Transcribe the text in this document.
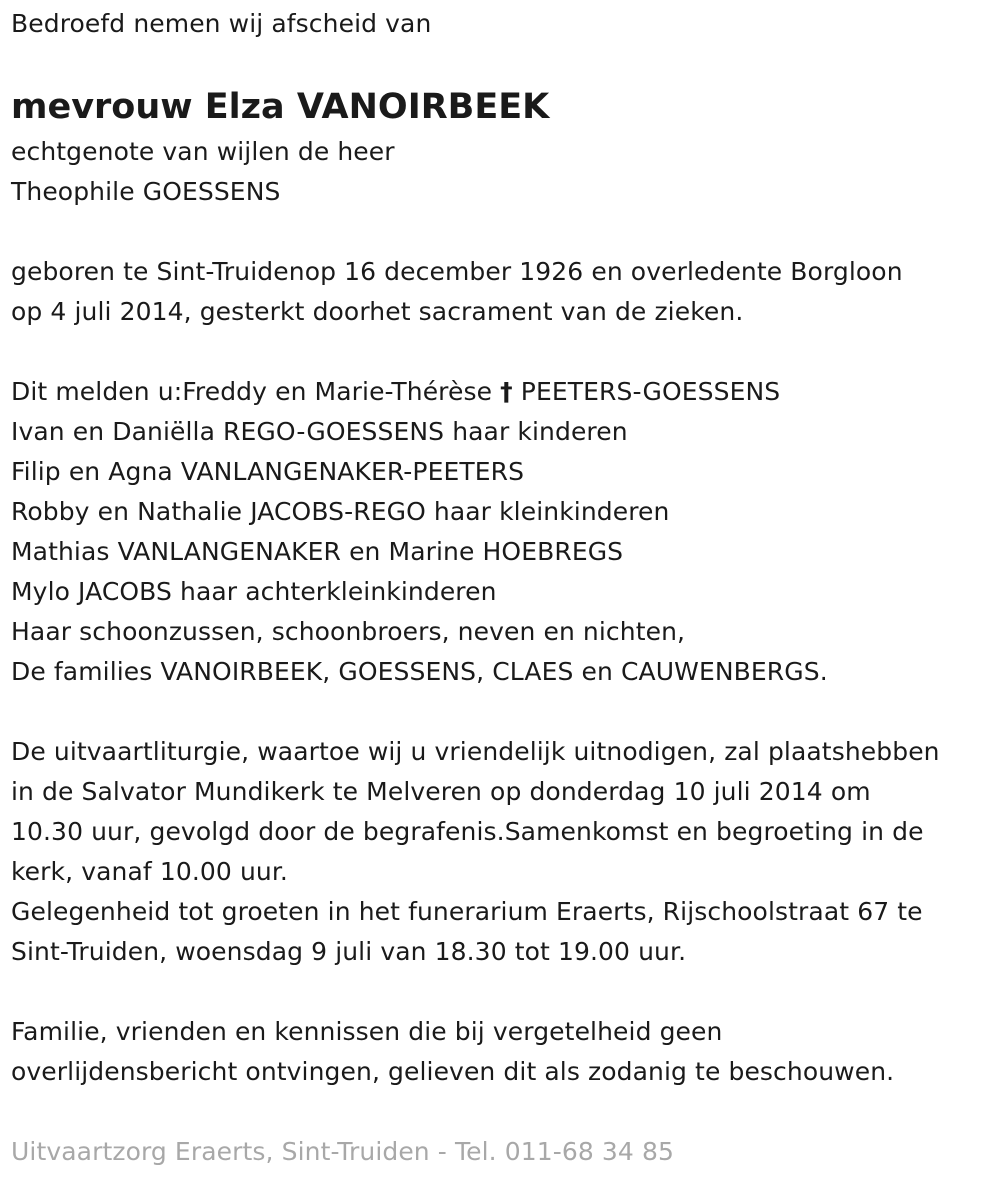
Bedroefd nemen wij afscheid van
mevrouw Elza VANOIRBEEK
echtgenote van wijlen de heer
Theophile GOESSENS
geboren te Sint-Truidenop 16 december 1926 en overledente Borgloon
op 4 juli 2014, gesterkt doorhet sacrament van de zieken.
Dit melden u:Freddy en Marie-Thérèse † PEETERS-GOESSENS
Ivan en Daniëlla REGO-GOESSENS haar kinderen
Filip en Agna VANLANGENAKER-PEETERS
Robby en Nathalie JACOBS-REGO haar kleinkinderen
Mathias VANLANGENAKER en Marine HOEBREGS
Mylo JACOBS haar achterkleinkinderen
Haar schoonzussen, schoonbroers, neven en nichten,
De families VANOIRBEEK, GOESSENS, CLAES en CAUWENBERGS.
De uitvaartliturgie, waartoe wij u vriendelijk uitnodigen, zal plaatshebben
in de Salvator Mundikerk te Melveren op donderdag 10 juli 2014 om
10.30 uur, gevolgd door de begrafenis.Samenkomst en begroeting in de
kerk, vanaf 10.00 uur.
Gelegenheid tot groeten in het funerarium Eraerts, Rijschoolstraat 67 te
Sint-Truiden, woensdag 9 juli van 18.30 tot 19.00 uur.
Familie, vrienden en kennissen die bij vergetelheid geen
overlijdensbericht ontvingen, gelieven dit als zodanig te beschouwen.
Uitvaartzorg Eraerts, Sint-Truiden - Tel. 011-68 34 85
